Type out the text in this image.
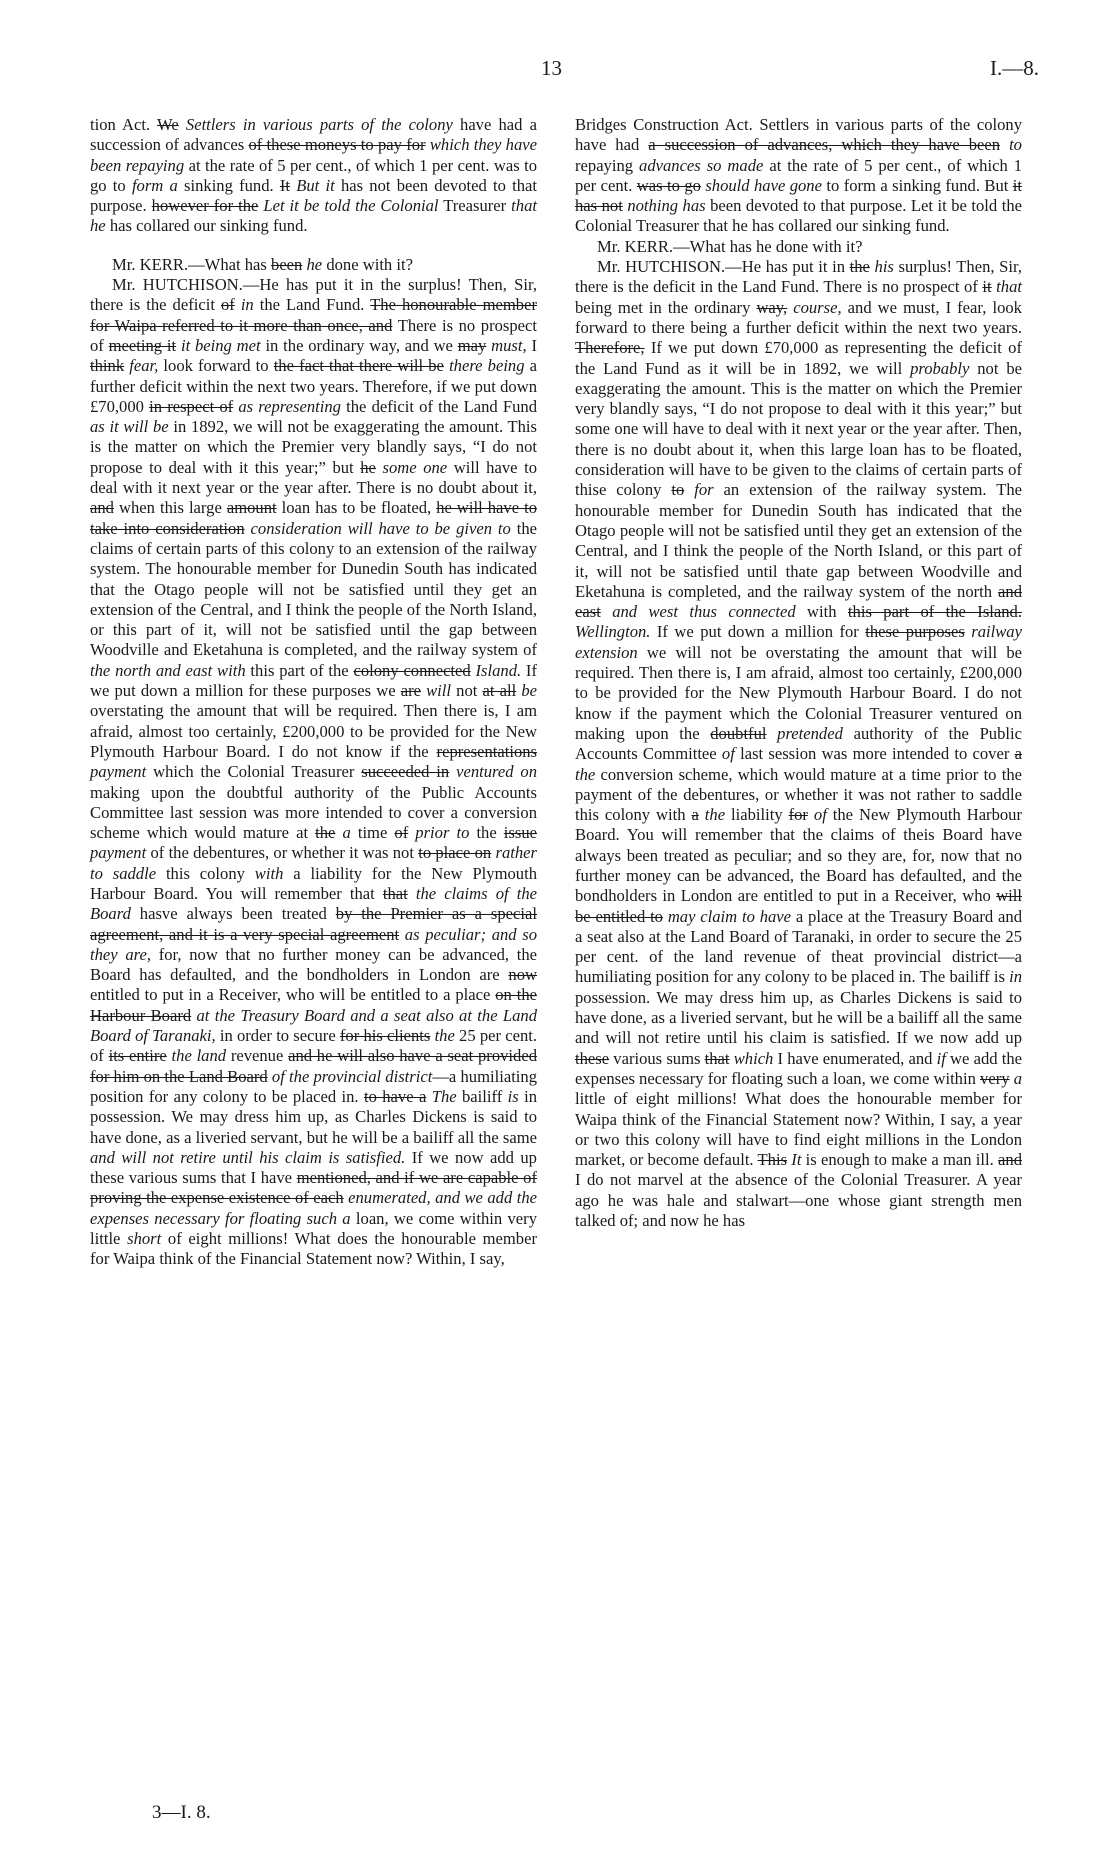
13	I.—8.

tion Act. We Settlers in various parts of the colony have had a succession of advances of these moneys to pay for which they have been repaying at the rate of 5 per cent., of which 1 per cent. was to go to form a sinking fund. It But it has not been devoted to that purpose. however for the Let it be told the Colonial Treasurer that he has collared our sinking fund.

Mr. KERR.—What has been he done with it?

Mr. HUTCHISON.—He has put it in the surplus! Then, Sir, there is the deficit of in the Land Fund. The honourable member for Waipa referred to it more than once, and There is no prospect of meeting it it being met in the ordinary way, and we may must, I think fear, look forward to the fact that there will be there being a further deficit within the next two years. Therefore, if we put down £70,000 in respect of as representing the deficit of the Land Fund as it will be in 1892, we will not be exaggerating the amount. This is the matter on which the Premier very blandly says, “I do not propose to deal with it this year;” but he some one will have to deal with it next year or the year after. There is no doubt about it, and when this large amount loan has to be floated, he will have to take into consideration consideration will have to be given to the claims of certain parts of this colony to an extension of the railway system. The honourable member for Dunedin South has indicated that the Otago people will not be satisfied until they get an extension of the Central, and I think the people of the North Island, or this part of it, will not be satisfied until the gap between Woodville and Eketahuna is completed, and the railway system of the north and east with this part of the colony connected Island. If we put down a million for these purposes we are will not at all be overstating the amount that will be required. Then there is, I am afraid, almost too certainly, £200,000 to be provided for the New Plymouth Harbour Board. I do not know if the representations payment which the Colonial Treasurer succeeded in ventured on making upon the doubtful authority of the Public Accounts Committee last session was more intended to cover a conversion scheme which would mature at the a time of prior to the issue payment of the debentures, or whether it was not to place on rather to saddle this colony with a liability for the New Plymouth Harbour Board. You will remember that that the claims of the Board hasve always been treated by the Premier as a special agreement, and it is a very special agreement as peculiar; and so they are, for, now that no further money can be advanced, the Board has defaulted, and the bondholders in London are now entitled to put in a Receiver, who will be entitled to a place on the Harbour Board at the Treasury Board and a seat also at the Land Board of Taranaki, in order to secure for his clients the 25 per cent. of its entire the land revenue and he will also have a seat provided for him on the Land Board of the provincial district—a humiliating position for any colony to be placed in. to have a The bailiff is in possession. We may dress him up, as Charles Dickens is said to have done, as a liveried servant, but he will be a bailiff all the same and will not retire until his claim is satisfied. If we now add up these various sums that I have mentioned, and if we are capable of proving the expense existence of each enumerated, and we add the expenses necessary for floating such a loan, we come within very little short of eight millions! What does the honourable member for Waipa think of the Financial Statement now? Within, I say,

Bridges Construction Act. Settlers in various parts of the colony have had a succession of advances, which they have been to repaying advances so made at the rate of 5 per cent., of which 1 per cent. was to go should have gone to form a sinking fund. But it has not nothing has been devoted to that purpose. Let it be told the Colonial Treasurer that he has collared our sinking fund.

Mr. KERR.—What has he done with it?

Mr. HUTCHISON.—He has put it in the his surplus! Then, Sir, there is the deficit in the Land Fund. There is no prospect of it that being met in the ordinary way, course, and we must, I fear, look forward to there being a further deficit within the next two years. Therefore, If we put down £70,000 as representing the deficit of the Land Fund as it will be in 1892, we will probably not be exaggerating the amount. This is the matter on which the Premier very blandly says, “I do not propose to deal with it this year;” but some one will have to deal with it next year or the year after. Then, there is no doubt about it, when this large loan has to be floated, consideration will have to be given to the claims of certain parts of thise colony to for an extension of the railway system. The honourable member for Dunedin South has indicated that the Otago people will not be satisfied until they get an extension of the Central, and I think the people of the North Island, or this part of it, will not be satisfied until thate gap between Woodville and Eketahuna is completed, and the railway system of the north and east and west thus connected with this part of the Island. Wellington. If we put down a million for these purposes railway extension we will not be overstating the amount that will be required. Then there is, I am afraid, almost too certainly, £200,000 to be provided for the New Plymouth Harbour Board. I do not know if the payment which the Colonial Treasurer ventured on making upon the doubtful pretended authority of the Public Accounts Committee of last session was more intended to cover a the conversion scheme, which would mature at a time prior to the payment of the debentures, or whether it was not rather to saddle this colony with a the liability for of the New Plymouth Harbour Board. You will remember that the claims of theis Board have always been treated as peculiar; and so they are, for, now that no further money can be advanced, the Board has defaulted, and the bondholders in London are entitled to put in a Receiver, who will be entitled to may claim to have a place at the Treasury Board and a seat also at the Land Board of Taranaki, in order to secure the 25 per cent. of the land revenue of theat provincial district—a humiliating position for any colony to be placed in. The bailiff is in possession. We may dress him up, as Charles Dickens is said to have done, as a liveried servant, but he will be a bailiff all the same and will not retire until his claim is satisfied. If we now add up these various sums that which I have enumerated, and if we add the expenses necessary for floating such a loan, we come within very a little of eight millions! What does the honourable member for Waipa think of the Financial Statement now? Within, I say, a year or two this colony will have to find eight millions in the London market, or become default. This It is enough to make a man ill. and I do not marvel at the absence of the Colonial Treasurer. A year ago he was hale and stalwart—one whose giant strength men talked of; and now he has

3—I. 8.
